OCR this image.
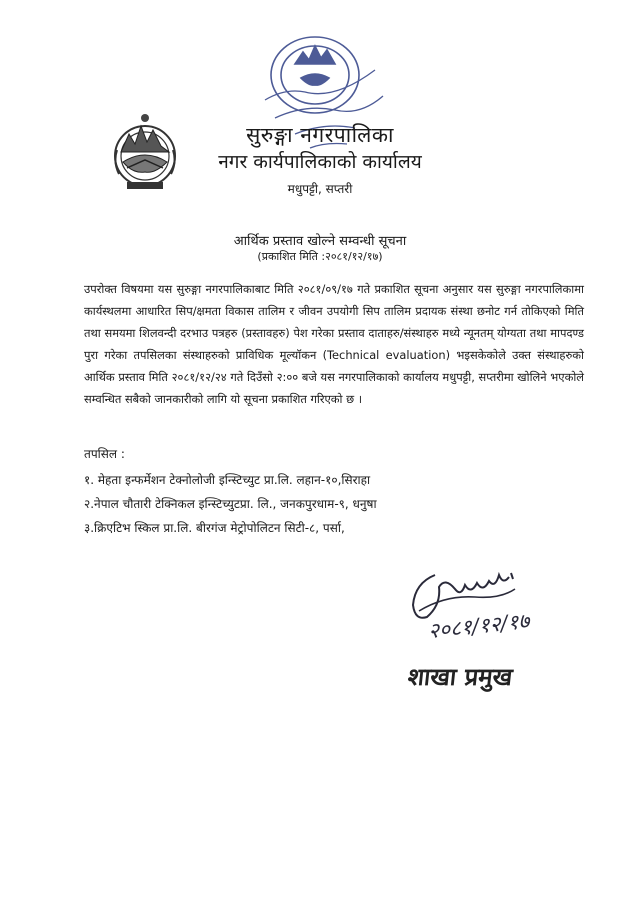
सुरुङ्गा नगरपालिका
नगर कार्यपालिकाको कार्यालय
मधुपट्टी, सप्तरी
आर्थिक प्रस्ताव खोल्ने सम्वन्धी सूचना
(प्रकाशित मिति :२०८१/१२/१७)

उपरोक्त विषयमा यस सुरुङ्गा नगरपालिकाबाट मिति २०८१/०९/१७ गते प्रकाशित सूचना अनुसार यस सुरुङ्गा नगरपालिकामा कार्यस्थलमा आधारित सिप/क्षमता विकास तालिम र जीवन उपयोगी सिप तालिम प्रदायक संस्था छनोट गर्न तोकिएको मिति तथा समयमा शिलवन्दी दरभाउ पत्रहरु (प्रस्तावहरु) पेश गरेका प्रस्ताव दाताहरु/संस्थाहरु मध्ये न्यूनतम् योग्यता तथा मापदण्ड पुरा गरेका तपसिलका संस्थाहरुको प्राविधिक मूल्यॉकन (Technical evaluation) भइसकेकोले उक्त संस्थाहरुको आर्थिक प्रस्ताव मिति २०८१/१२/२४ गते दिउँसो २:०० बजे यस नगरपालिकाको कार्यालय मधुपट्टी, सप्तरीमा खोलिने भएकोले सम्वन्धित सबैको जानकारीको लागि यो सूचना प्रकाशित गरिएको छ ।

तपसिल :
१. मेहता इन्फर्मेशन टेक्नोलोजी इन्स्टिच्युट प्रा.लि. लहान-१०,सिराहा
२.नेपाल चौतारी टेक्निकल इन्स्टिच्युटप्रा. लि., जनकपुरधाम-९, धनुषा
३.क्रिएटिभ स्किल प्रा.लि. बीरगंज मेट्रोपोलिटन सिटी-८, पर्सा,
२०८१/१२/१७
शाखा प्रमुख
